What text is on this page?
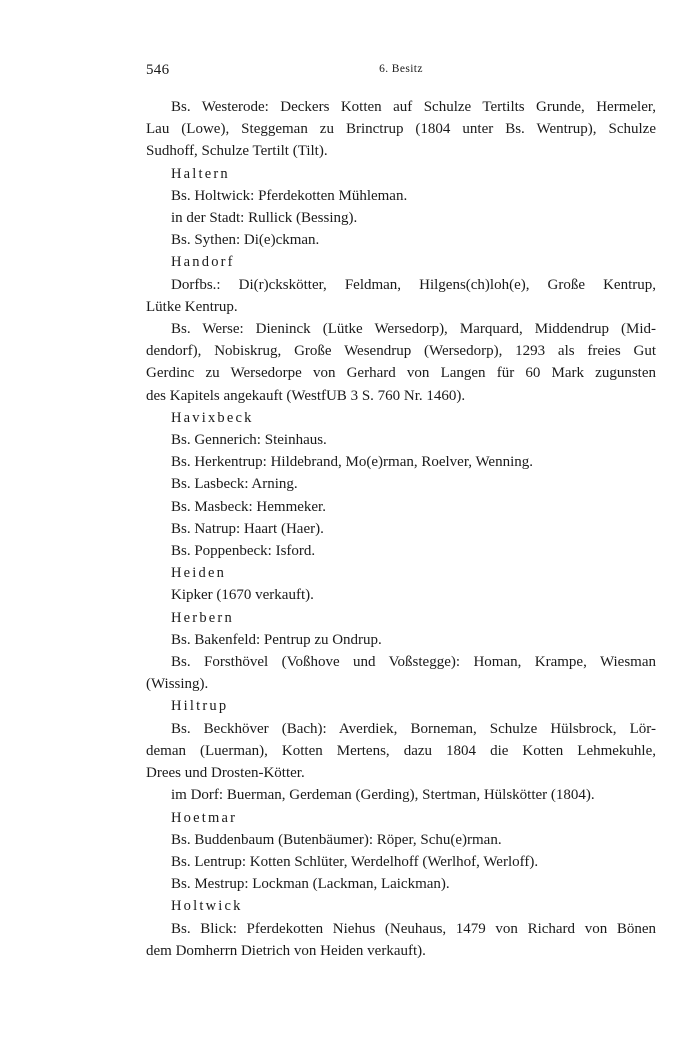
546	6. Besitz

Bs. Westerode: Deckers Kotten auf Schulze Tertilts Grunde, Hermeler,
Lau (Lowe), Steggeman zu Brinctrup (1804 unter Bs. Wentrup), Schulze
Sudhoff, Schulze Tertilt (Tilt).

Haltern

Bs. Holtwick: Pferdekotten Mühleman.

in der Stadt: Rullick (Bessing).

Bs. Sythen: Di(e)ckman.

Handorf

Dorfbs.: Di(r)ckskötter, Feldman, Hilgens(ch)loh(e), Große Kentrup,
Lütke Kentrup.

Bs. Werse: Dieninck (Lütke Wersedorp), Marquard, Middendrup (Mid-
dendorf), Nobiskrug, Große Wesendrup (Wersedorp), 1293 als freies Gut
Gerdinc zu Wersedorpe von Gerhard von Langen für 60 Mark zugunsten
des Kapitels angekauft (WestfUB 3 S. 760 Nr. 1460).

Havixbeck

Bs. Gennerich: Steinhaus.

Bs. Herkentrup: Hildebrand, Mo(e)rman, Roelver, Wenning.

Bs. Lasbeck: Arning.

Bs. Masbeck: Hemmeker.

Bs. Natrup: Haart (Haer).

Bs. Poppenbeck: Isford.

Heiden

Kipker (1670 verkauft).

Herbern

Bs. Bakenfeld: Pentrup zu Ondrup.

Bs. Forsthövel (Voßhove und Voßstegge): Homan, Krampe, Wiesman
(Wissing).

Hiltrup

Bs. Beckhöver (Bach): Averdiek, Borneman, Schulze Hülsbrock, Lör-
deman (Luerman), Kotten Mertens, dazu 1804 die Kotten Lehmekuhle,
Drees und Drosten-Kötter.

im Dorf: Buerman, Gerdeman (Gerding), Stertman, Hülskötter (1804).

Hoetmar

Bs. Buddenbaum (Butenbäumer): Röper, Schu(e)rman.

Bs. Lentrup: Kotten Schlüter, Werdelhoff (Werlhof, Werloff).

Bs. Mestrup: Lockman (Lackman, Laickman).

Holtwick

Bs. Blick: Pferdekotten Niehus (Neuhaus, 1479 von Richard von Bönen
dem Domherrn Dietrich von Heiden verkauft).
